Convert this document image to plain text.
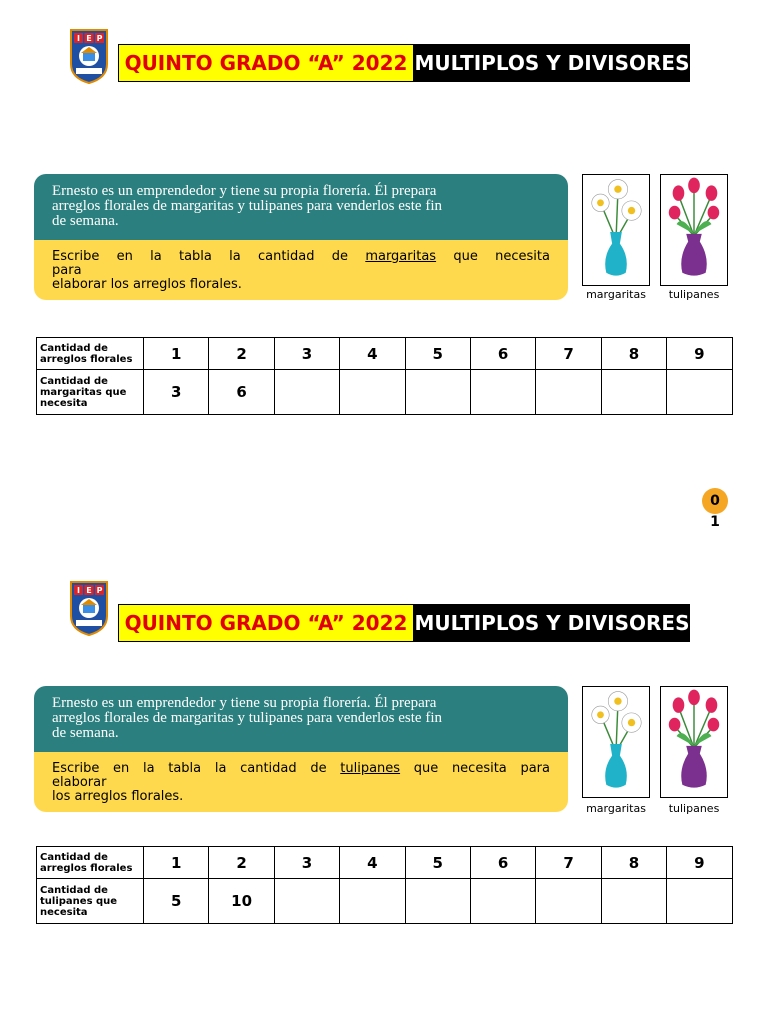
I E P
QUINTO GRADO “A” 2022 MULTIPLOS Y DIVISORES

Ernesto es un emprendedor y tiene su propia florería. Él prepara

arreglos florales de margaritas y tulipanes para venderlos este fin

de semana.

Escribe en la tabla la cantidad de margaritas que necesita
para
elaborar los arreglos florales.
margaritas	tulipanes
Cantidad de arreglos florales	1	2	3	4	5	6	7	8	9
Cantidad de margaritas que necesita	3	6							
0
1
I E P
QUINTO GRADO “A” 2022 MULTIPLOS Y DIVISORES

Ernesto es un emprendedor y tiene su propia florería. Él prepara

arreglos florales de margaritas y tulipanes para venderlos este fin

de semana.

Escribe en la tabla la cantidad de tulipanes que necesita para
elaborar
los arreglos florales.
margaritas	tulipanes
Cantidad de arreglos florales	1	2	3	4	5	6	7	8	9
Cantidad de tulipanes que necesita	5	10							
